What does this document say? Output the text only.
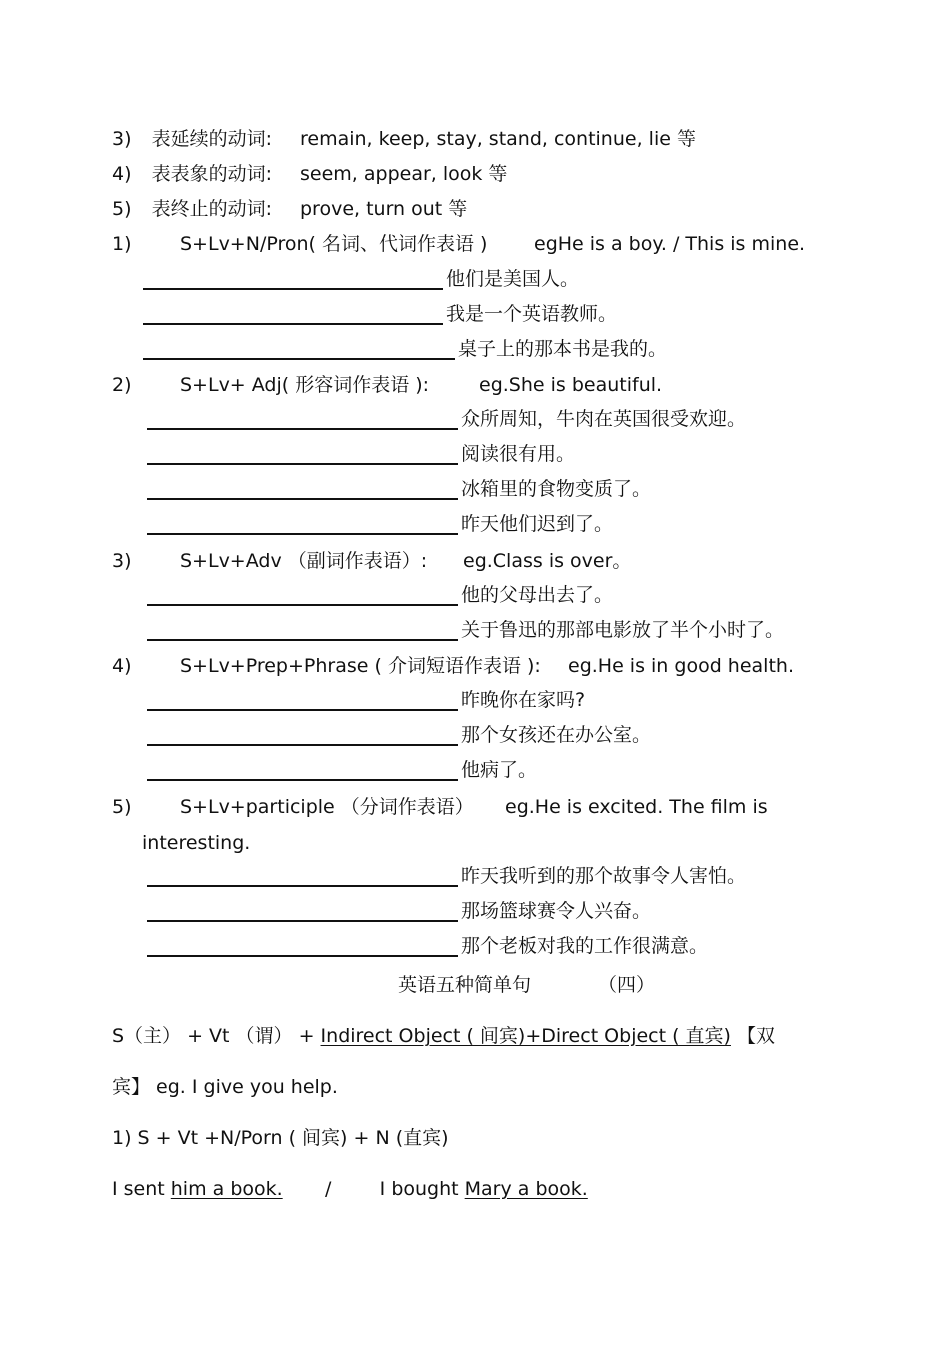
3) 表延续的动词: remain, keep, stay, stand, continue, lie 等
4) 表表象的动词: seem, appear, look 等
5) 表终止的动词: prove, turn out 等
1)	S+Lv+N/Pron( 名词、代词作表语 ) egHe is a boy. / This is mine.
他们是美国人。
我是一个英语教师。
桌子上的那本书是我的。
2)	S+Lv+ Adj( 形容词作表语 ):	eg.She is beautiful.
众所周知，牛肉在英国很受欢迎。
阅读很有用。
冰箱里的食物变质了。
昨天他们迟到了。
3)	S+Lv+Adv （副词作表语）: eg.Class is over。
他的父母出去了。
关于鲁迅的那部电影放了半个小时了。
4)	S+Lv+Prep+Phrase ( 介词短语作表语 ): eg.He is in good health.
昨晚你在家吗?
那个女孩还在办公室。
他病了。
5)	S+Lv+participle （分词作表语） eg.He is excited. The film is
interesting.
昨天我听到的那个故事令人害怕。
那场篮球赛令人兴奋。
那个老板对我的工作很满意。
英语五种简单句	（四）
S（主） + Vt （谓） + Indirect Object ( 间宾)+Direct Object ( 直宾) 【双
宾】 eg. I give you help.
1) S + Vt +N/Porn ( 间宾) + N (直宾)
I sent him a book.       /        I bought Mary a book.
